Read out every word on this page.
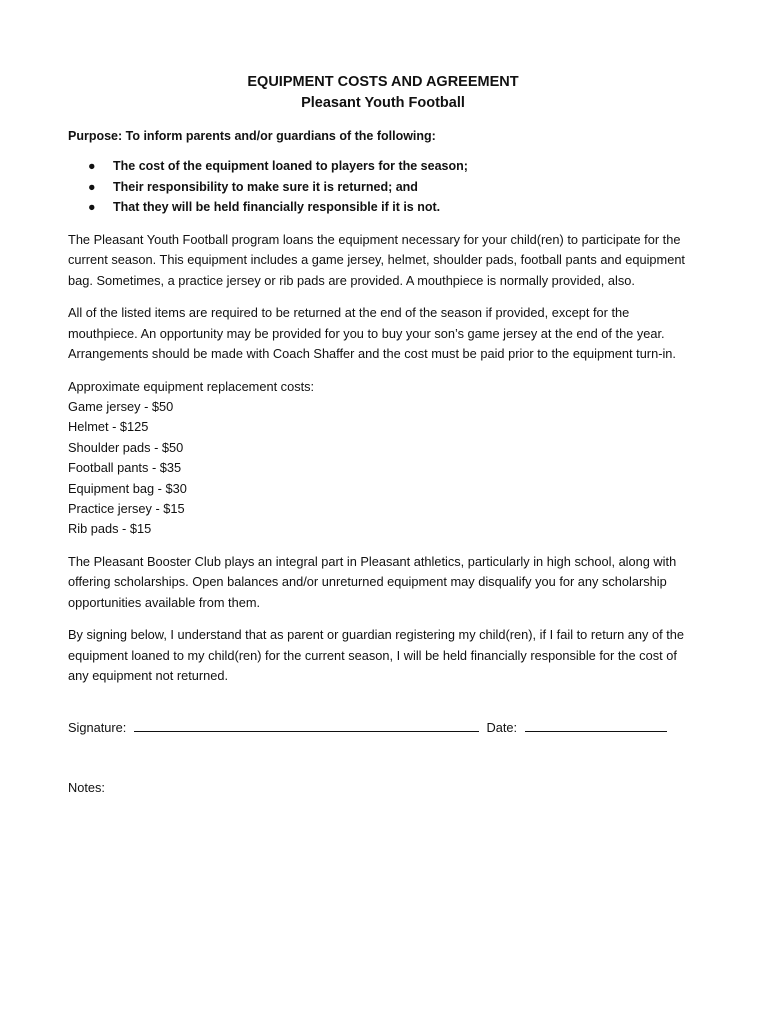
EQUIPMENT COSTS AND AGREEMENT

Pleasant Youth Football

Purpose: To inform parents and/or guardians of the following:

● The cost of the equipment loaned to players for the season;
● Their responsibility to make sure it is returned; and
● That they will be held financially responsible if it is not.

The Pleasant Youth Football program loans the equipment necessary for your child(ren) to participate for the current season. This equipment includes a game jersey, helmet, shoulder pads, football pants and equipment bag. Sometimes, a practice jersey or rib pads are provided. A mouthpiece is normally provided, also.

All of the listed items are required to be returned at the end of the season if provided, except for the mouthpiece. An opportunity may be provided for you to buy your son’s game jersey at the end of the year. Arrangements should be made with Coach Shaffer and the cost must be paid prior to the equipment turn-in.

Approximate equipment replacement costs:
Game jersey - $50
Helmet - $125
Shoulder pads - $50
Football pants - $35
Equipment bag - $30
Practice jersey - $15
Rib pads - $15

The Pleasant Booster Club plays an integral part in Pleasant athletics, particularly in high school, along with offering scholarships. Open balances and/or unreturned equipment may disqualify you for any scholarship opportunities available from them.

By signing below, I understand that as parent or guardian registering my child(ren), if I fail to return any of the equipment loaned to my child(ren) for the current season, I will be held financially responsible for the cost of any equipment not returned.

Signature:	Date:
Notes:
